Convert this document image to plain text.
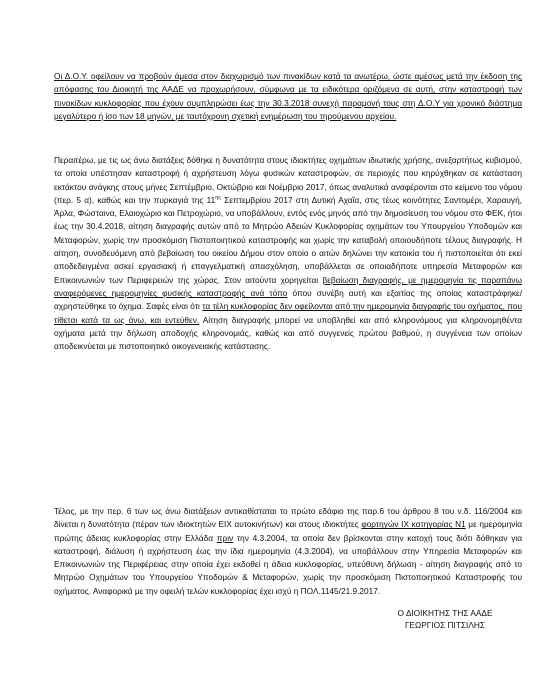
Οι Δ.Ο.Υ. οφείλουν να προβούν άμεσα στον διαχωρισμό των πινακίδων κατά τα ανωτέρω, ώστε αμέσως μετά την έκδοση της απόφασης του Διοικητή της ΑΑΔΕ να προχωρήσουν, σύμφωνα με τα ειδικότερα οριζόμενα σε αυτή, στην καταστροφή των πινακίδων κυκλοφορίας που έχουν συμπληρώσει έως την 30.3.2018 συνεχή παραμονή τους στη Δ.Ο.Υ για χρονικό διάστημα μεγαλύτερο ή ίσο των 18 μηνών, με ταυτόχρονη σχετική ενημέρωση του τηρούμενου αρχείου.

Περαιτέρω, με τις ως άνω διατάξεις δόθηκε η δυνατότητα στους ιδιοκτήτες οχημάτων ιδιωτικής χρήσης, ανεξαρτήτως κυβισμού, τα οποία υπέστησαν καταστροφή ή αχρήστευση λόγω φυσικών καταστροφών, σε περιοχές που κηρύχθηκαν σε κατάσταση εκτάκτου ανάγκης στους μήνες Σεπτέμβριο, Οκτώβριο και Νοέμβριο 2017, όπως αναλυτικά αναφέρονται στο κείμενο του νόμου (περ. 5 α), καθώς και την πυρκαγιά της $11^{\eta\varsigma}$ Σεπτεμβρίου 2017 στη Δυτική Αχαΐα, στις τέως κοινότητες Σαντομέρι, Χαραυγή, Άρλα, Φώσταινα, Ελαιοχώριο και Πετροχώριο, να υποβάλλουν, εντός ενός μηνός από την δημοσίευση του νόμου στο ΦΕΚ, ήτοι έως την 30.4.2018, αίτηση διαγραφής αυτών από το Μητρώο Αδειών Κυκλοφορίας οχημάτων του Υπουργείου Υποδομών και Μεταφορών, χωρίς την προσκόμιση Πιστοποιητικού καταστροφής και χωρίς την καταβολή οποιουδήποτε τέλους διαγραφής. Η αίτηση, συνοδευόμενη από βεβαίωση του οικείου Δήμου στον οποίο ο αιτών δηλώνει την κατοικία του ή πιστοποιείται ότι εκεί αποδεδειγμένα ασκεί εργασιακή ή επαγγελματική απασχόληση, υποβάλλεται σε οποιαδήποτε υπηρεσία Μεταφορών και Επικοινωνιών των Περιφερειών της χώρας. Στον αιτούντα χορηγείται βεβαίωση διαγραφής, με ημερομηνία τις παραπάνω αναφερόμενες ημερομηνίες φυσικής καταστροφής ανά τόπο όπου συνέβη αυτή και εξαιτίας της οποίας καταστράφηκε/αχρηστεύθηκε το όχημα. Σαφές είναι ότι τα τέλη κυκλοφορίας δεν οφείλονται από την ημερομηνία διαγραφής του οχήματος, που τίθεται κατά τα ως άνω, και εντεύθεν. Αίτηση διαγραφής μπορεί να υποβληθεί και από κληρονόμους για κληρονομηθέντα οχήματα μετά την δήλωση αποδοχής κληρονομιάς, καθώς και από συγγενείς πρώτου βαθμού, η συγγένεια των οποίων αποδεικνύεται με πιστοποιητικό οικογενειακής κατάστασης.

Τέλος, με την περ. 6 των ως άνω διατάξεων αντικαθίσταται το πρώτο εδάφιο της παρ.6 του άρθρου 8 του ν.δ. 116/2004 και δίνεται η δυνατότητα (πέραν των ιδιοκτητών ΕΙΧ αυτοκινήτων) και στους ιδιοκτήτες φορτηγών ΙΧ κατηγορίας Ν1 με ημερομηνία πρώτης άδειας κυκλοφορίας στην Ελλάδα πριν την 4.3.2004, τα οποία δεν βρίσκονται στην κατοχή τους διότι δόθηκαν για καταστροφή, διάλυση ή αχρήστευση έως την ίδια ημερομηνία (4.3.2004), να υποβάλλουν στην Υπηρεσία Μεταφορών και Επικοινωνιών της Περιφέρειας στην οποία έχει εκδοθεί η άδεια κυκλοφορίας, υπεύθυνη δήλωση - αίτηση διαγραφής από το Μητρώο Οχημάτων του Υπουργείου Υποδομών & Μεταφορών, χωρίς την προσκόμιση Πιστοποιητικού Καταστροφής του οχήματος. Αναφορικά με την οφειλή τελών κυκλοφορίας έχει ισχύ η ΠΟΛ.1145/21.9.2017.

Ο ΔΙΟΙΚΗΤΗΣ ΤΗΣ ΑΑΔΕ
ΓΕΩΡΓΙΟΣ ΠΙΤΣΙΛΗΣ
